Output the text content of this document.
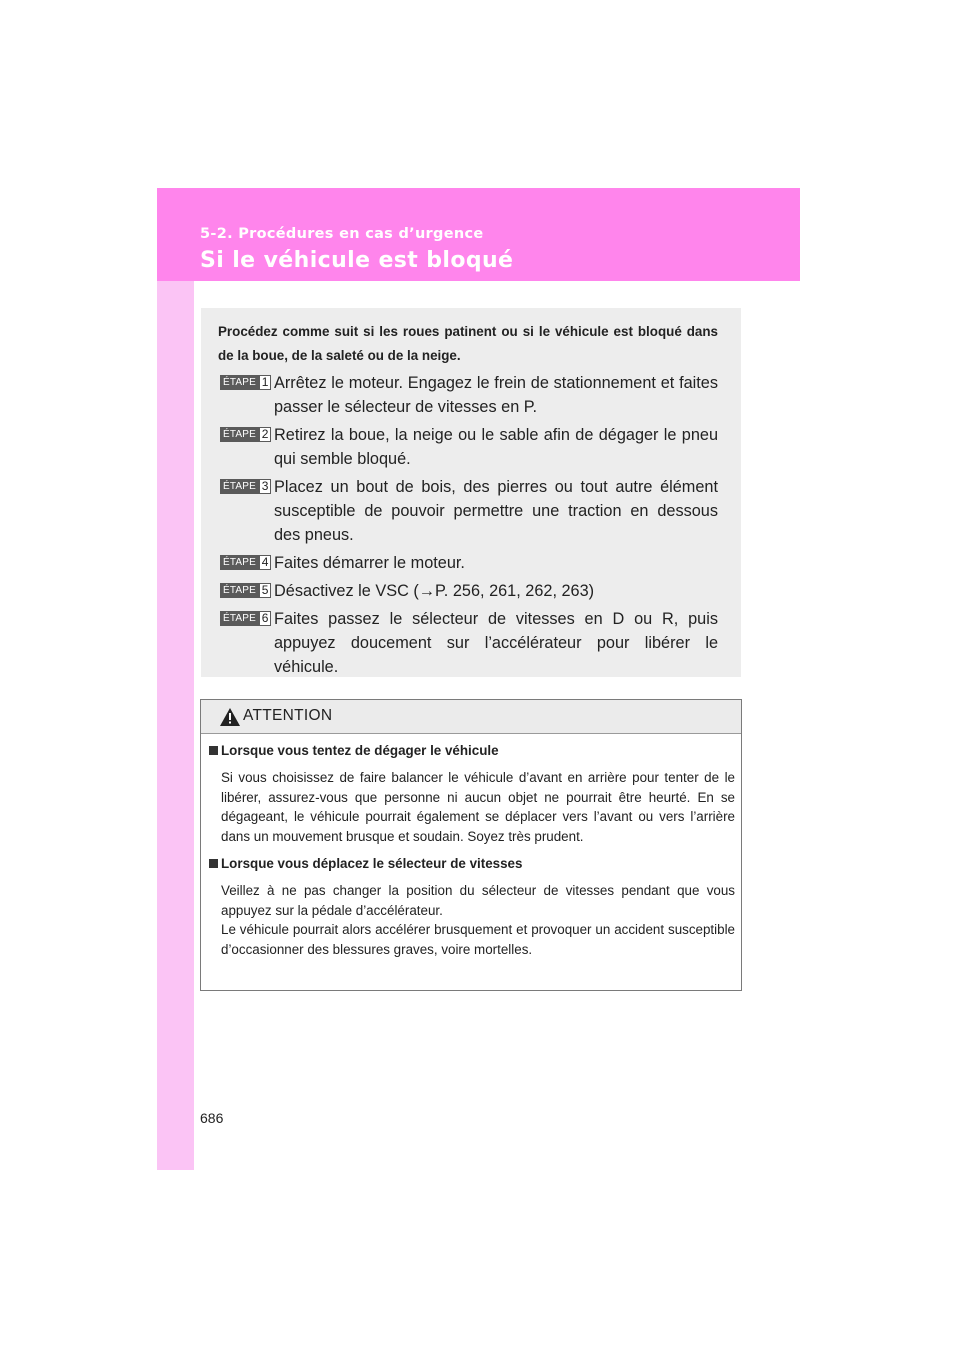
5-2. Procédures en cas d’urgence
Si le véhicule est bloqué
Procédez comme suit si les roues patinent ou si le véhicule est bloqué dans de la boue, de la saleté ou de la neige.
ÉTAPE 1 Arrêtez le moteur. Engagez le frein de stationnement et faites passer le sélecteur de vitesses en P.
ÉTAPE 2 Retirez la boue, la neige ou le sable afin de dégager le pneu qui semble bloqué.
ÉTAPE 3 Placez un bout de bois, des pierres ou tout autre élément susceptible de pouvoir permettre une traction en dessous des pneus.
ÉTAPE 4 Faites démarrer le moteur.
ÉTAPE 5 Désactivez le VSC (→P. 256, 261, 262, 263)
ÉTAPE 6 Faites passez le sélecteur de vitesses en D ou R, puis appuyez doucement sur l’accélérateur pour libérer le véhicule.
ATTENTION
Lorsque vous tentez de dégager le véhicule

Si vous choisissez de faire balancer le véhicule d’avant en arrière pour tenter de le libérer, assurez-vous que personne ni aucun objet ne pourrait être heurté. En se dégageant, le véhicule pourrait également se déplacer vers l’avant ou vers l’arrière dans un mouvement brusque et soudain. Soyez très prudent.

Lorsque vous déplacez le sélecteur de vitesses

Veillez à ne pas changer la position du sélecteur de vitesses pendant que vous appuyez sur la pédale d’accélérateur.

Le véhicule pourrait alors accélérer brusquement et provoquer un accident susceptible d’occasionner des blessures graves, voire mortelles.

686
